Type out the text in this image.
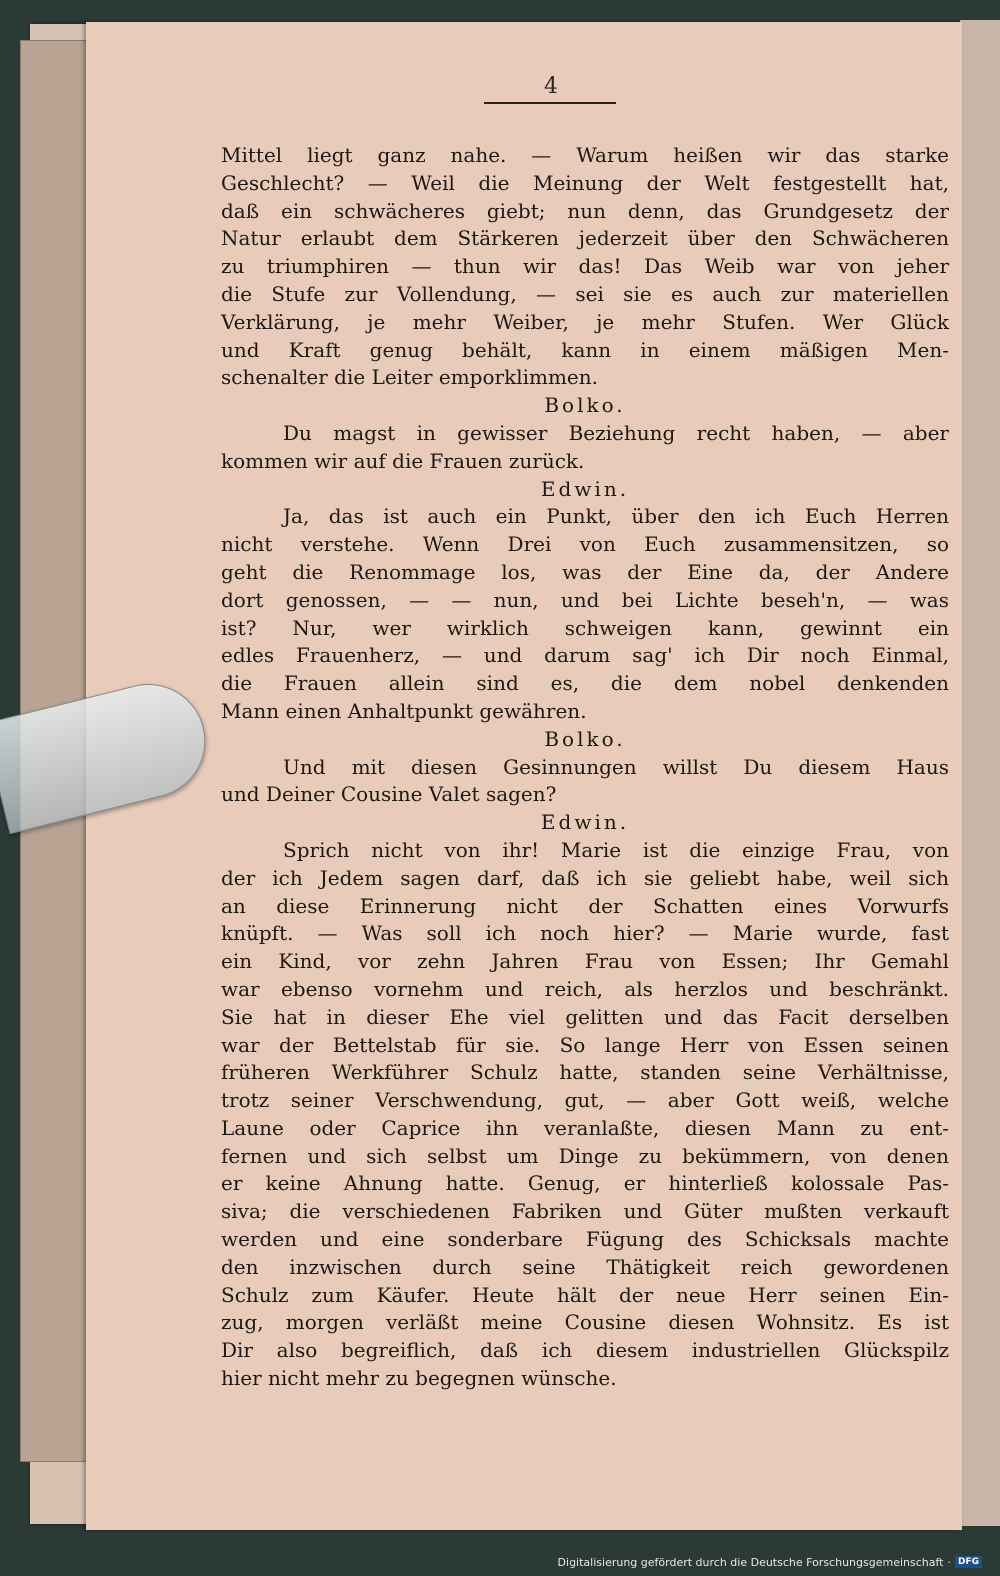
4

Mittel liegt ganz nahe. — Warum heißen wir das starke

Geschlecht? — Weil die Meinung der Welt festgestellt hat,

daß ein schwächeres giebt; nun denn, das Grundgesetz der

Natur erlaubt dem Stärkeren jederzeit über den Schwächeren

zu triumphiren — thun wir das! Das Weib war von jeher

die Stufe zur Vollendung, — sei sie es auch zur materiellen

Verklärung, je mehr Weiber, je mehr Stufen. Wer Glück

und Kraft genug behält, kann in einem mäßigen Men-

schenalter die Leiter emporklimmen.

Bolko.

Du magst in gewisser Beziehung recht haben, — aber

kommen wir auf die Frauen zurück.

Edwin.

Ja, das ist auch ein Punkt, über den ich Euch Herren

nicht verstehe. Wenn Drei von Euch zusammensitzen, so

geht die Renommage los, was der Eine da, der Andere

dort genossen, — — nun, und bei Lichte beseh'n, — was

ist? Nur, wer wirklich schweigen kann, gewinnt ein

edles Frauenherz, — und darum sag' ich Dir noch Einmal,

die Frauen allein sind es, die dem nobel denkenden

Mann einen Anhaltpunkt gewähren.

Bolko.

Und mit diesen Gesinnungen willst Du diesem Haus

und Deiner Cousine Valet sagen?

Edwin.

Sprich nicht von ihr! Marie ist die einzige Frau, von

der ich Jedem sagen darf, daß ich sie geliebt habe, weil sich

an diese Erinnerung nicht der Schatten eines Vorwurfs

knüpft. — Was soll ich noch hier? — Marie wurde, fast

ein Kind, vor zehn Jahren Frau von Essen; Ihr Gemahl

war ebenso vornehm und reich, als herzlos und beschränkt.

Sie hat in dieser Ehe viel gelitten und das Facit derselben

war der Bettelstab für sie. So lange Herr von Essen seinen

früheren Werkführer Schulz hatte, standen seine Verhältnisse,

trotz seiner Verschwendung, gut, — aber Gott weiß, welche

Laune oder Caprice ihn veranlaßte, diesen Mann zu ent-

fernen und sich selbst um Dinge zu bekümmern, von denen

er keine Ahnung hatte. Genug, er hinterließ kolossale Pas-

siva; die verschiedenen Fabriken und Güter mußten verkauft

werden und eine sonderbare Fügung des Schicksals machte

den inzwischen durch seine Thätigkeit reich gewordenen

Schulz zum Käufer. Heute hält der neue Herr seinen Ein-

zug, morgen verläßt meine Cousine diesen Wohnsitz. Es ist

Dir also begreiflich, daß ich diesem industriellen Glückspilz

hier nicht mehr zu begegnen wünsche.

Digitalisierung gefördert durch die Deutsche Forschungsgemeinschaft · DFG
